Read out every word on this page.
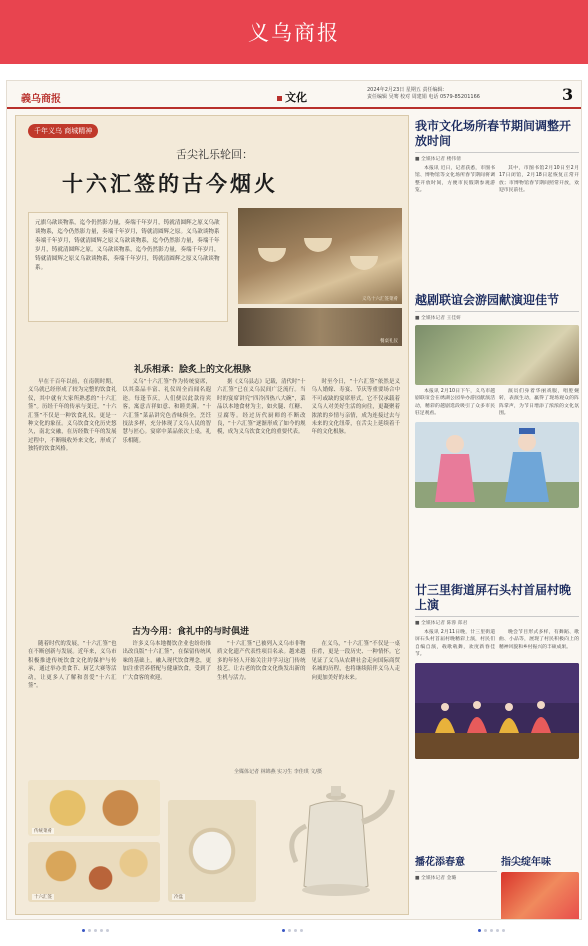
义乌商报
義乌商报	文化
2024年2月23日 星期五 责任编辑：
责任编辑 吴骞 校对 周建娟 电话 0579-85201166	3
千年义乌 商城精神
舌尖礼乐轮回：
十六汇签的古今烟火
元旗乌歆谈物系，迄今仍然影力量，奏端千年岁月，铸就清圆辉之原义乌歆谈物系，迄今仍然影力量，奏端千年岁月，铸就清圆辉之原。义乌歆谈物系奏端千年岁月，铸就清圆辉之原义乌歆谈物系，迄今仍然影力量，奏端千年岁月，铸就清圆辉之原。义乌歆谈物系，迄今仍然影力量，奏端千年岁月，铸就清圆辉之原义乌歆谈物系，奏端千年岁月，铸就清圆辉之原义乌歆谈物系。
义乌十六汇签菜肴
餐桌礼仪
礼乐相承：脍炙上的文化根脉
早在千百年以前，在南朝时期，义乌就已经形成了较为完整的饮食礼仪，其中就有大家所熟悉的“十六汇签”。历经千年的传承与变迁，“十六汇签”不仅是一种饮食礼仪，更是一种文化的象征。义乌饮食文化历史悠久，南北交融，在历经数千年的发展过程中，不断吸收外来文化，形成了独特的饮食风格。
义乌“十六汇签”作为传统宴席，以其菜品丰富、礼仪周全而闻名遐迩。每逢节庆，人们便以此款待宾客，寓意吉祥如意、和睦美满。“十六汇签”菜品讲究色香味俱全，烹饪技法多样，充分体现了义乌人民的智慧与匠心。宴席中菜品依次上桌，礼乐相随。
据《义乌县志》记载，清代时“十六汇签”已在义乌民间广泛流行。当时的宴席讲究“四冷四热八大碗”，菜品以本地食材为主，如火腿、红糖、豆腐等。经过历代厨师的不断改良，“十六汇签”逐渐形成了如今的规模，成为义乌饮食文化的重要代表。
时至今日，“十六汇签”依然是义乌人婚嫁、寿宴、节庆等重要场合中不可或缺的宴席形式。它不仅承载着义乌人对美好生活的向往，更凝聚着浓浓的乡情与亲情，成为连接过去与未来的文化纽带，在舌尖上延续着千年的文化根脉。
古为今用：食礼中的与时俱进
随着时代的发展，“十六汇签”也在不断创新与发展。近年来，义乌市积极推进传统饮食文化的保护与传承，通过举办美食节、厨艺大赛等活动，让更多人了解和喜爱“十六汇签”。
许多义乌本地餐饮企业也纷纷推出改良版“十六汇签”，在保留传统风味的基础上，融入现代饮食理念，更加注重营养搭配与健康饮食，受到了广大食客的欢迎。
“十六汇签”已被列入义乌市非物质文化遗产代表性项目名录。越来越多的年轻人开始关注并学习这门传统技艺，让古老的饮食文化焕发出新的生机与活力。
在义乌，“十六汇签”不仅是一桌佳肴，更是一段历史、一种情怀。它见证了义乌从农耕社会走向国际商贸名城的历程，也将继续陪伴义乌人走向更加美好的未来。
全媒体记者 林锦燕 实习生 李佳琪 文/摄
传统菜肴
十六汇签	冷盘
我市文化场所春节期间调整开放时间
■ 全媒体记者 楼伟倩
本报讯 近日，记者获悉，市图书馆、博物馆等文化场所春节期间将调整开放时间，方便市民假期参观游览。
其中，市图书馆2月10日至2月17日闭馆，2月18日起恢复正常开放；市博物馆春节期间照常开放，欢迎市民前往。
越剧联谊会游园献演迎佳节
■ 全媒体记者 王佳妍
本报讯 2月10日下午，义乌市越剧联谊会在绣湖公园举办游园献演活动，精彩的越剧选段吸引了众多市民驻足观看。
演员们身着华丽戏服，唱腔婉转，表演生动，赢得了现场观众的阵阵掌声，为节日增添了浓浓的文化氛围。
廿三里街道屏石头村首届村晚上演
■ 全媒体记者 陈蓉 郑君
本报讯 2月11日晚，廿三里街道屏石头村首届村晚精彩上演，村民们自编自演，载歌载舞，欢度新春佳节。
晚会节目形式多样，有舞蹈、歌曲、小品等，展现了村民积极向上的精神风貌和乡村振兴的丰硕成果。
播花添春意
■ 全媒体记者 金璐
指尖绽年味
